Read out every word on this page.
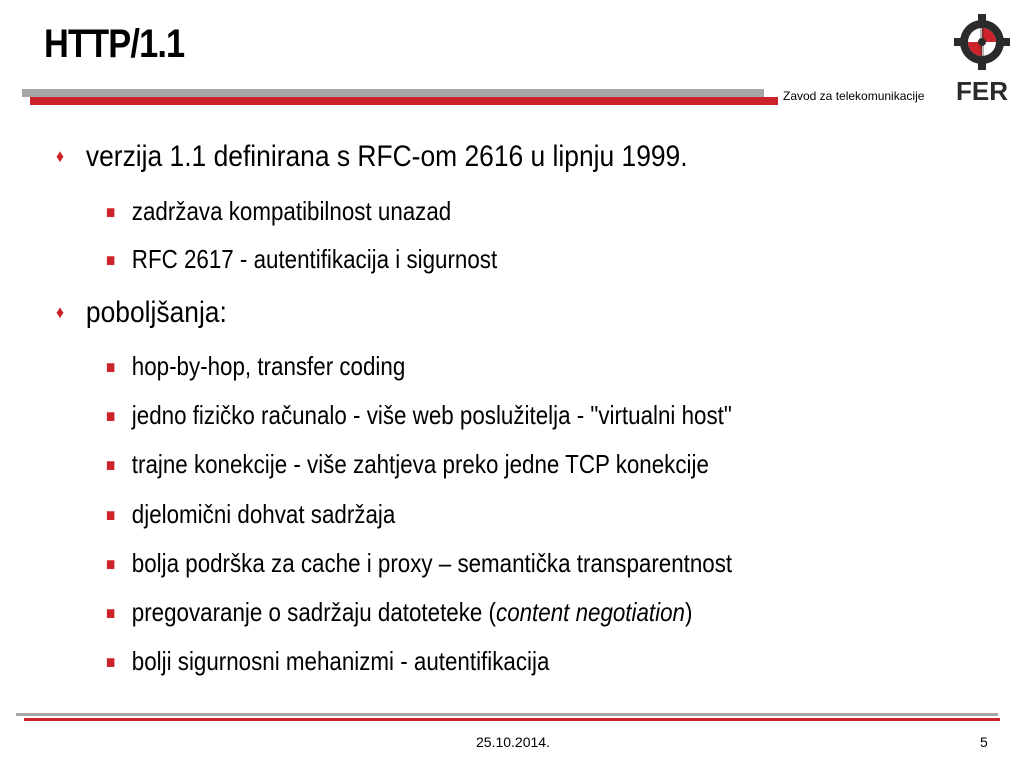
HTTP/1.1
Zavod za telekomunikacije FER
♦ verzija 1.1 definirana s RFC-om 2616 u lipnju 1999.
■ zadržava kompatibilnost unazad
■ RFC 2617 - autentifikacija i sigurnost
♦ poboljšanja:
■ hop-by-hop, transfer coding
■ jedno fizičko računalo - više web poslužitelja - "virtualni host"
■ trajne konekcije - više zahtjeva preko jedne TCP konekcije
■ djelomični dohvat sadržaja
■ bolja podrška za cache i proxy – semantička transparentnost
■ pregovaranje o sadržaju datoteteke (content negotiation)
■ bolji sigurnosni mehanizmi - autentifikacija
25.10.2014.	5
